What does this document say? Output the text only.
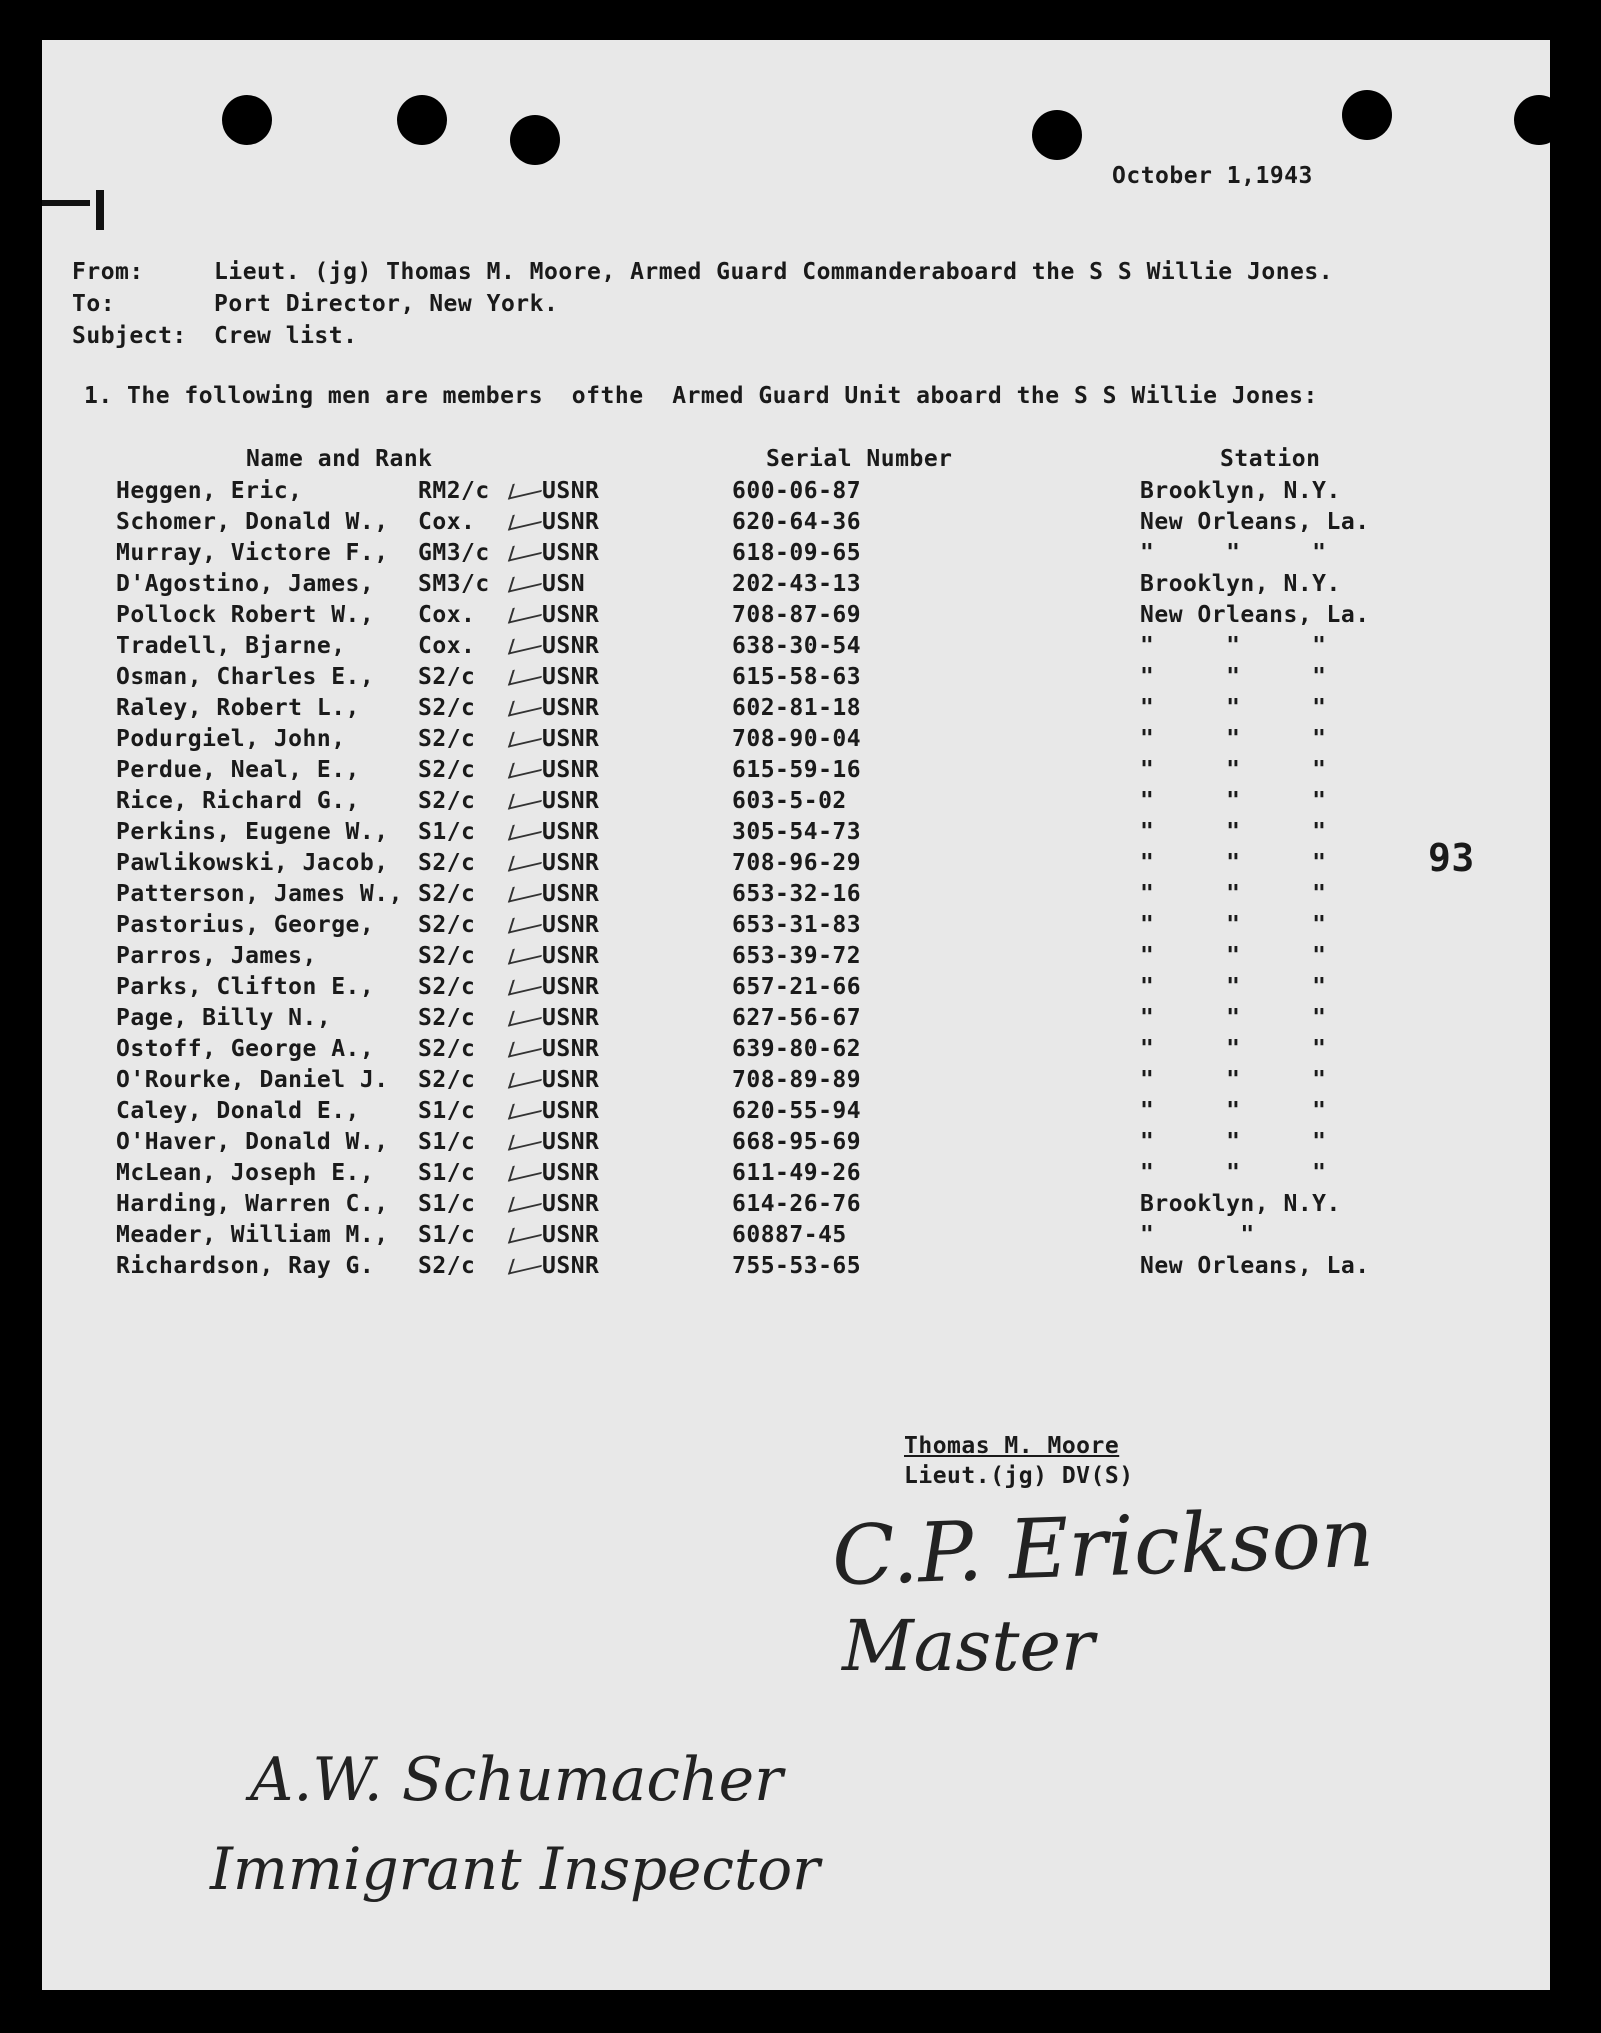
October 1,1943
From:	Lieut. (jg) Thomas M. Moore, Armed Guard Commanderaboard the S S Willie Jones.
To:	Port Director, New York.
Subject: Crew list.
1. The following men are members  ofthe  Armed Guard Unit aboard the S S Willie Jones:
Name and Rank	Serial Number	Station
Heggen, Eric,	RM2/c USNR	600-06-87	Brooklyn, N.Y.
Schomer, Donald W., Cox.	USNR	620-64-36	New Orleans, La.
Murray, Victore F., GM3/c USNR	618-09-65	"     "     "
D'Agostino, James, SM3/c USN	202-43-13	Brooklyn, N.Y.
Pollock Robert W., Cox.	USNR	708-87-69	New Orleans, La.
Tradell, Bjarne,	Cox.	USNR	638-30-54	"     "     "
Osman, Charles E., S2/c	USNR	615-58-63	"     "     "
Raley, Robert L.,	S2/c	USNR	602-81-18	"     "     "
Podurgiel, John,	S2/c	USNR	708-90-04	"     "     "
Perdue, Neal, E.,	S2/c	USNR	615-59-16	"     "     "
Rice, Richard G.,	S2/c	USNR	603-5-02	"     "     "
Perkins, Eugene W., S1/c	USNR	305-54-73	"     "     "
Pawlikowski, Jacob, S2/c	USNR	708-96-29	"     "     "
Patterson, James W., S2/c	USNR	653-32-16	"     "     "
Pastorius, George, S2/c	USNR	653-31-83	"     "     "
Parros, James,	S2/c	USNR	653-39-72	"     "     "
Parks, Clifton E., S2/c	USNR	657-21-66	"     "     "
Page, Billy N.,	S2/c	USNR	627-56-67	"     "     "
Ostoff, George A., S2/c	USNR	639-80-62	"     "     "
O'Rourke, Daniel J. S2/c	USNR	708-89-89	"     "     "
Caley, Donald E.,	S1/c	USNR	620-55-94	"     "     "
O'Haver, Donald W., S1/c	USNR	668-95-69	"     "     "
McLean, Joseph E., S1/c	USNR	611-49-26	"     "     "
Harding, Warren C., S1/c	USNR	614-26-76	Brooklyn, N.Y.
Meader, William M., S1/c	USNR	60887-45	"      "
Richardson, Ray G. S2/c	USNR	755-53-65	New Orleans, La.
93
Thomas M. Moore
Lieut.(jg) DV(S)
C.P. Erickson
Master
A.W. Schumacher
Immigrant Inspector
